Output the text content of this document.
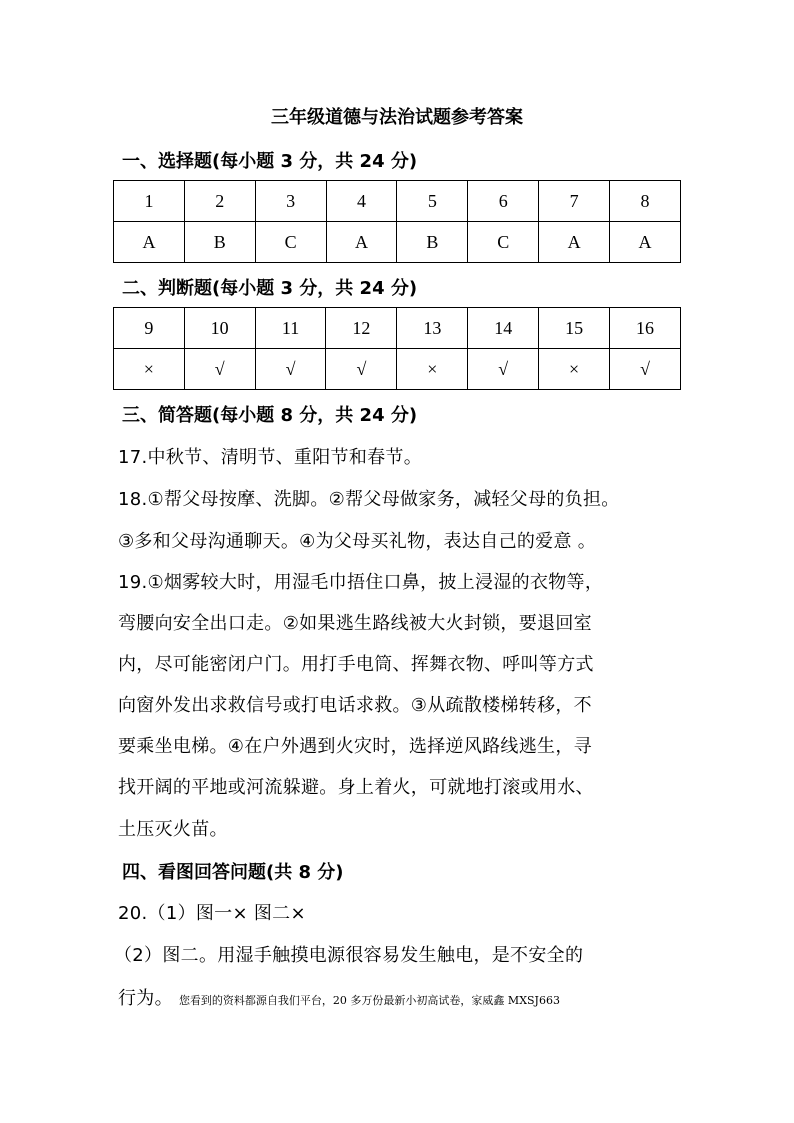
三年级道德与法治试题参考答案
一、选择题(每小题 3 分，共 24 分)
1	2	3	4	5	6	7	8
A	B	C	A	B	C	A	A
二、判断题(每小题 3 分，共 24 分)
9	10	11	12	13	14	15	16
×	√	√	√	×	√	×	√
三、简答题(每小题 8 分，共 24 分)
17.中秋节、清明节、重阳节和春节。
18.①帮父母按摩、洗脚。②帮父母做家务，减轻父母的负担。
③多和父母沟通聊天。④为父母买礼物，表达自己的爱意 。
19.①烟雾较大时，用湿毛巾捂住口鼻，披上浸湿的衣物等，
弯腰向安全出口走。②如果逃生路线被大火封锁，要退回室
内，尽可能密闭户门。用打手电筒、挥舞衣物、呼叫等方式
向窗外发出求救信号或打电话求救。③从疏散楼梯转移，不
要乘坐电梯。④在户外遇到火灾时，选择逆风路线逃生，寻
找开阔的平地或河流躲避。身上着火，可就地打滚或用水、
土压灭火苗。
四、看图回答问题(共 8 分)
20.（1）图一× 图二×
（2）图二。用湿手触摸电源很容易发生触电，是不安全的
行为。 您看到的资料都源自我们平台，20 多万份最新小初高试卷，家威鑫 MXSJ663
